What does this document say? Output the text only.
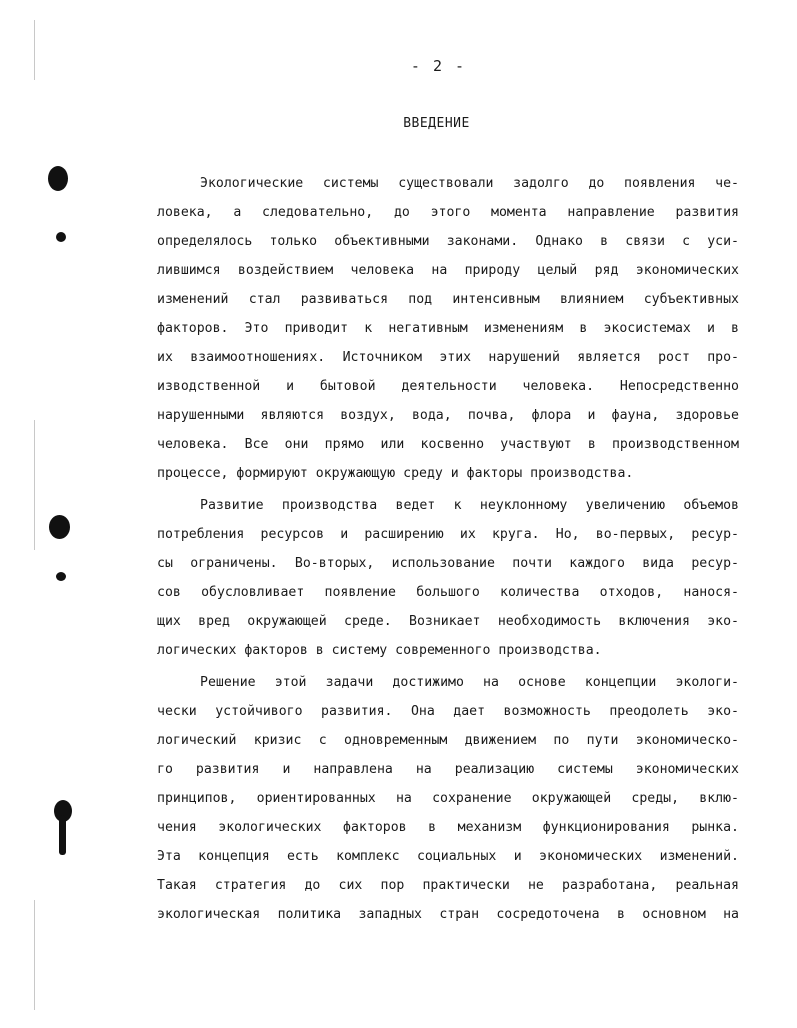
- 2 -
ВВЕДЕНИЕ
Экологические системы существовали задолго до появления че-
ловека, а следовательно, до этого момента направление развития
определялось только объективными законами. Однако в связи с уси-
лившимся воздействием человека на природу целый ряд экономических
изменений стал развиваться под интенсивным влиянием субъективных
факторов. Это приводит к негативным изменениям в экосистемах и в
их взаимоотношениях. Источником этих нарушений является рост про-
изводственной и бытовой деятельности человека. Непосредственно
нарушенными являются воздух, вода, почва, флора и фауна, здоровье
человека. Все они прямо или косвенно участвуют в производственном
процессе, формируют окружающую среду и факторы производства.
Развитие производства ведет к неуклонному увеличению объемов
потребления ресурсов и расширению их круга. Но, во-первых, ресур-
сы ограничены. Во-вторых, использование почти каждого вида ресур-
сов обусловливает появление большого количества отходов, нанося-
щих вред окружающей среде. Возникает необходимость включения эко-
логических факторов в систему современного производства.
Решение этой задачи достижимо на основе концепции экологи-
чески устойчивого развития. Она дает возможность преодолеть эко-
логический кризис с одновременным движением по пути экономическо-
го развития и направлена на реализацию системы экономических
принципов, ориентированных на сохранение окружающей среды, вклю-
чения экологических факторов в механизм функционирования рынка.
Эта концепция есть комплекс социальных и экономических изменений.
Такая стратегия до сих пор практически не разработана, реальная
экологическая политика западных стран сосредоточена в основном на
